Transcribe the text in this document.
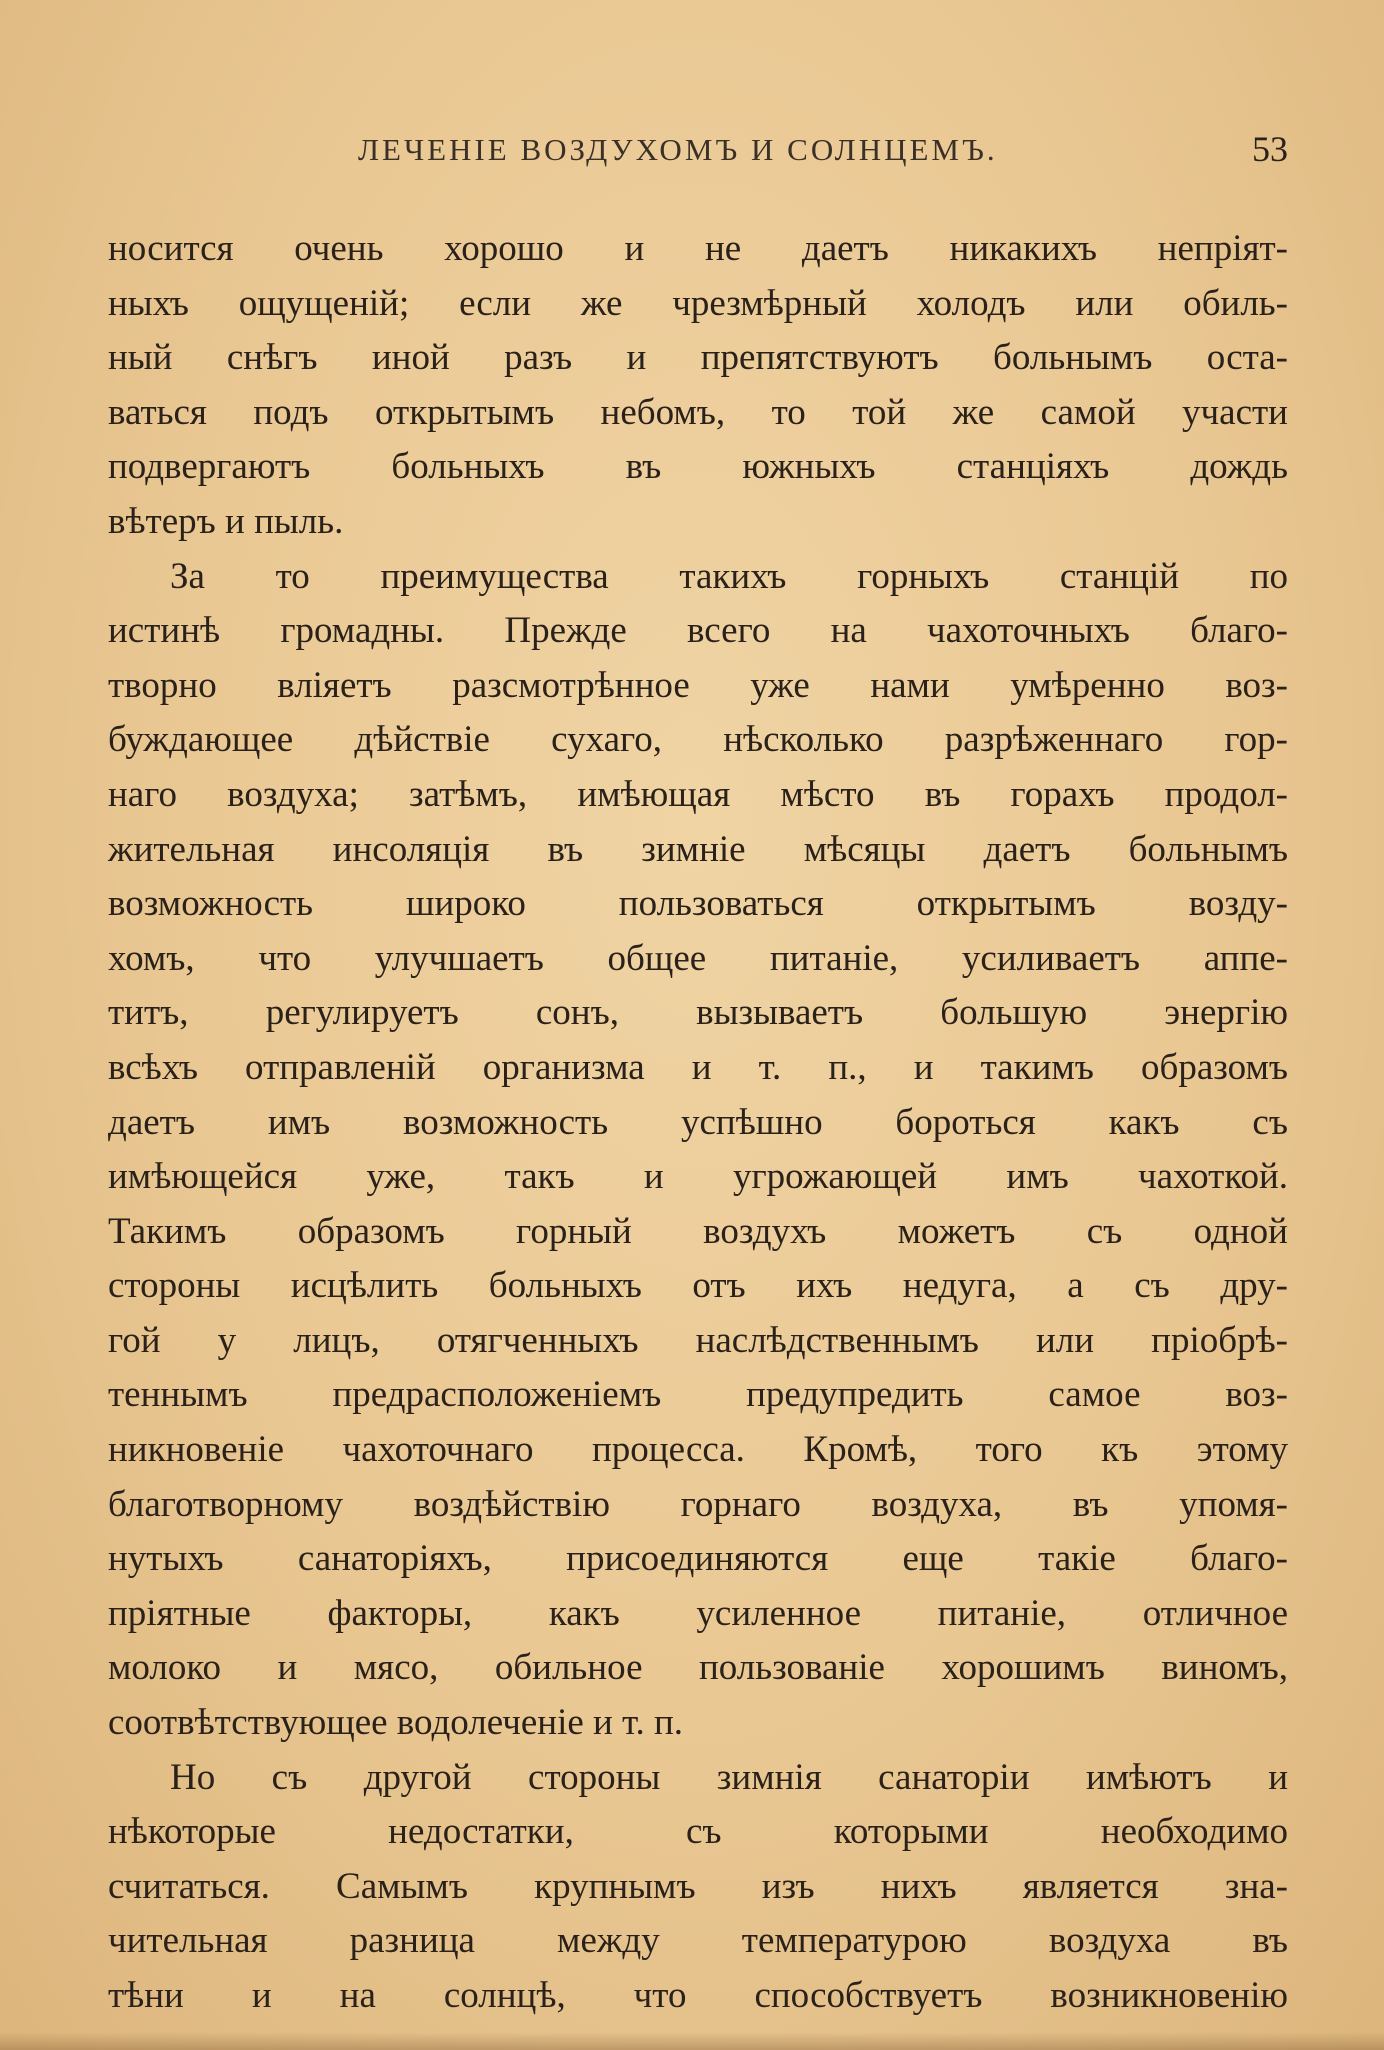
ЛЕЧЕНІЕ ВОЗДУХОМЪ И СОЛНЦЕМЪ.	53
носится очень хорошо и не даетъ никакихъ непріят-
ныхъ ощущеній; если же чрезмѣрный холодъ или обиль-
ный снѣгъ иной разъ и препятствуютъ больнымъ оста-
ваться подъ открытымъ небомъ, то той же самой участи
подвергаютъ больныхъ въ южныхъ станціяхъ дождь
вѣтеръ и пыль.
За то преимущества такихъ горныхъ станцій по
истинѣ громадны. Прежде всего на чахоточныхъ благо-
творно вліяетъ разсмотрѣнное уже нами умѣренно воз-
буждающее дѣйствіе сухаго, нѣсколько разрѣженнаго гор-
наго воздуха; затѣмъ, имѣющая мѣсто въ горахъ продол-
жительная инсоляція въ зимніе мѣсяцы даетъ больнымъ
возможность широко пользоваться открытымъ возду-
хомъ, что улучшаетъ общее питаніе, усиливаетъ аппе-
титъ, регулируетъ сонъ, вызываетъ большую энергію
всѣхъ отправленій организма и т. п., и такимъ образомъ
даетъ имъ возможность успѣшно бороться какъ съ
имѣющейся уже, такъ и угрожающей имъ чахоткой.
Такимъ образомъ горный воздухъ можетъ съ одной
стороны исцѣлить больныхъ отъ ихъ недуга, а съ дру-
гой у лицъ, отягченныхъ наслѣдственнымъ или пріобрѣ-
теннымъ предрасположеніемъ предупредить самое воз-
никновеніе чахоточнаго процесса. Кромѣ, того къ этому
благотворному воздѣйствію горнаго воздуха, въ упомя-
нутыхъ санаторіяхъ, присоединяются еще такіе благо-
пріятные факторы, какъ усиленное питаніе, отличное
молоко и мясо, обильное пользованіе хорошимъ виномъ,
соотвѣтствующее водолеченіе и т. п.
Но съ другой стороны зимнія санаторіи имѣютъ и
нѣкоторые недостатки, съ которыми необходимо
считаться. Самымъ крупнымъ изъ нихъ является зна-
чительная разница между температурою воздуха въ
тѣни и на солнцѣ, что способствуетъ возникновенію
